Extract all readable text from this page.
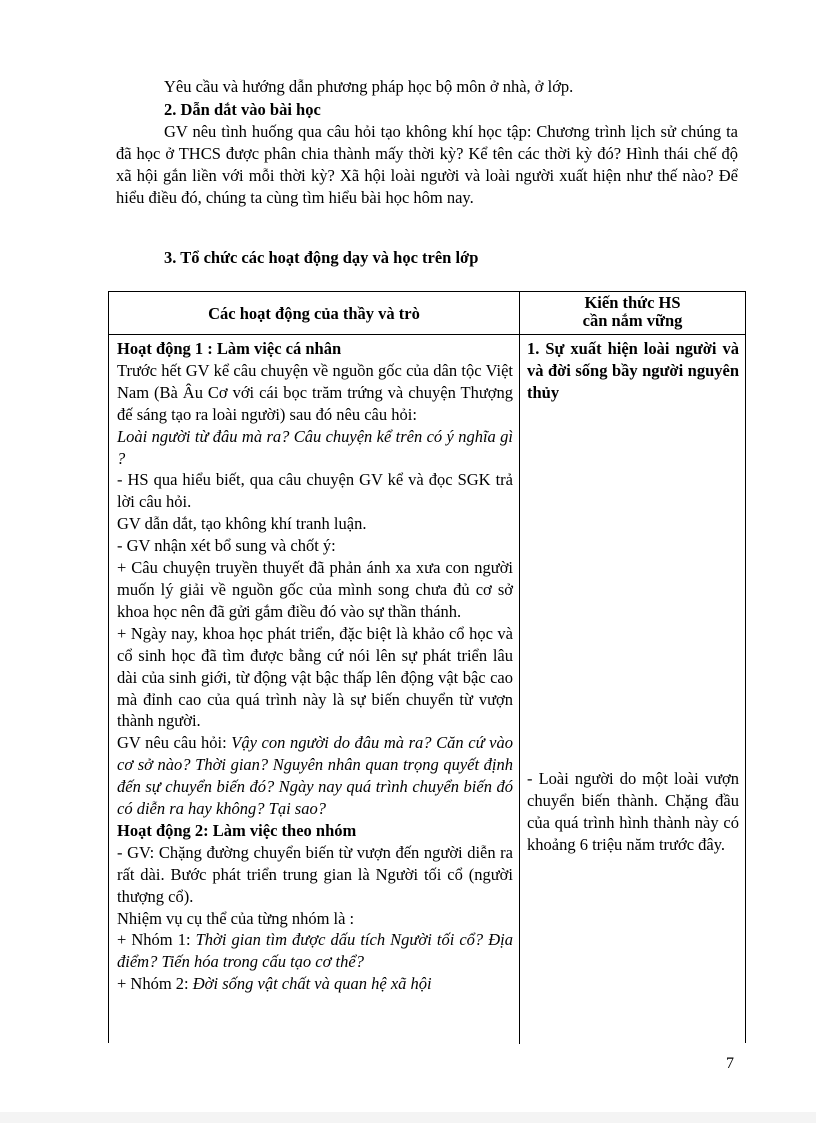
Yêu cầu và hướng dẫn phương pháp học bộ môn ở nhà, ở lớp.

2. Dẫn dắt vào bài học

GV nêu tình huống qua câu hỏi tạo không khí học tập: Chương trình lịch sử chúng ta đã học ở THCS được phân chia thành mấy thời kỳ? Kể tên các thời kỳ đó? Hình thái chế độ xã hội gắn liền với mỗi thời kỳ? Xã hội loài người và loài người xuất hiện như thế nào? Để hiểu điều đó, chúng ta cùng tìm hiểu bài học hôm nay.

3. Tổ chức các hoạt động dạy và học trên lớp

Các hoạt động của thầy và trò
Kiến thức HS
cần nắm vững

Hoạt động 1 : Làm việc cá nhân

Trước hết GV kể câu chuyện về nguồn gốc của dân tộc Việt Nam (Bà Âu Cơ với cái bọc trăm trứng và chuyện Thượng đế sáng tạo ra loài người) sau đó nêu câu hỏi:

Loài người từ đâu mà ra? Câu chuyện kể trên có ý nghĩa gì ?

- HS qua hiểu biết, qua câu chuyện GV kể và đọc SGK trả lời câu hỏi.

GV dẫn dắt, tạo không khí tranh luận.

- GV nhận xét bổ sung và chốt ý:

+ Câu chuyện truyền thuyết đã phản ánh xa xưa con người muốn lý giải về nguồn gốc của mình song chưa đủ cơ sở khoa học nên đã gửi gắm điều đó vào sự thần thánh.

+ Ngày nay, khoa học phát triển, đặc biệt là khảo cổ học và cổ sinh học đã tìm được bằng cứ nói lên sự phát triển lâu dài của sinh giới, từ động vật bậc thấp lên động vật bậc cao mà đỉnh cao của quá trình này là sự biến chuyển từ vượn thành người.

GV nêu câu hỏi: Vậy con người do đâu mà ra? Căn cứ vào cơ sở nào? Thời gian? Nguyên nhân quan trọng quyết định đến sự chuyển biến đó? Ngày nay quá trình chuyển biến đó có diễn ra hay không? Tại sao?

Hoạt động 2: Làm việc theo nhóm

- GV: Chặng đường chuyển biến từ vượn đến người diễn ra rất dài. Bước phát triển trung gian là Người tối cổ (người thượng cổ).

Nhiệm vụ cụ thể của từng nhóm là :

+ Nhóm 1: Thời gian tìm được dấu tích Người tối cổ? Địa điểm? Tiến hóa trong cấu tạo cơ thể?

+ Nhóm 2: Đời sống vật chất và quan hệ xã hội

1. Sự xuất hiện loài người và và đời sống bầy người nguyên thủy
- Loài người do một loài vượn chuyển biến thành. Chặng đầu của quá trình hình thành này có khoảng 6 triệu năm trước đây.
7
